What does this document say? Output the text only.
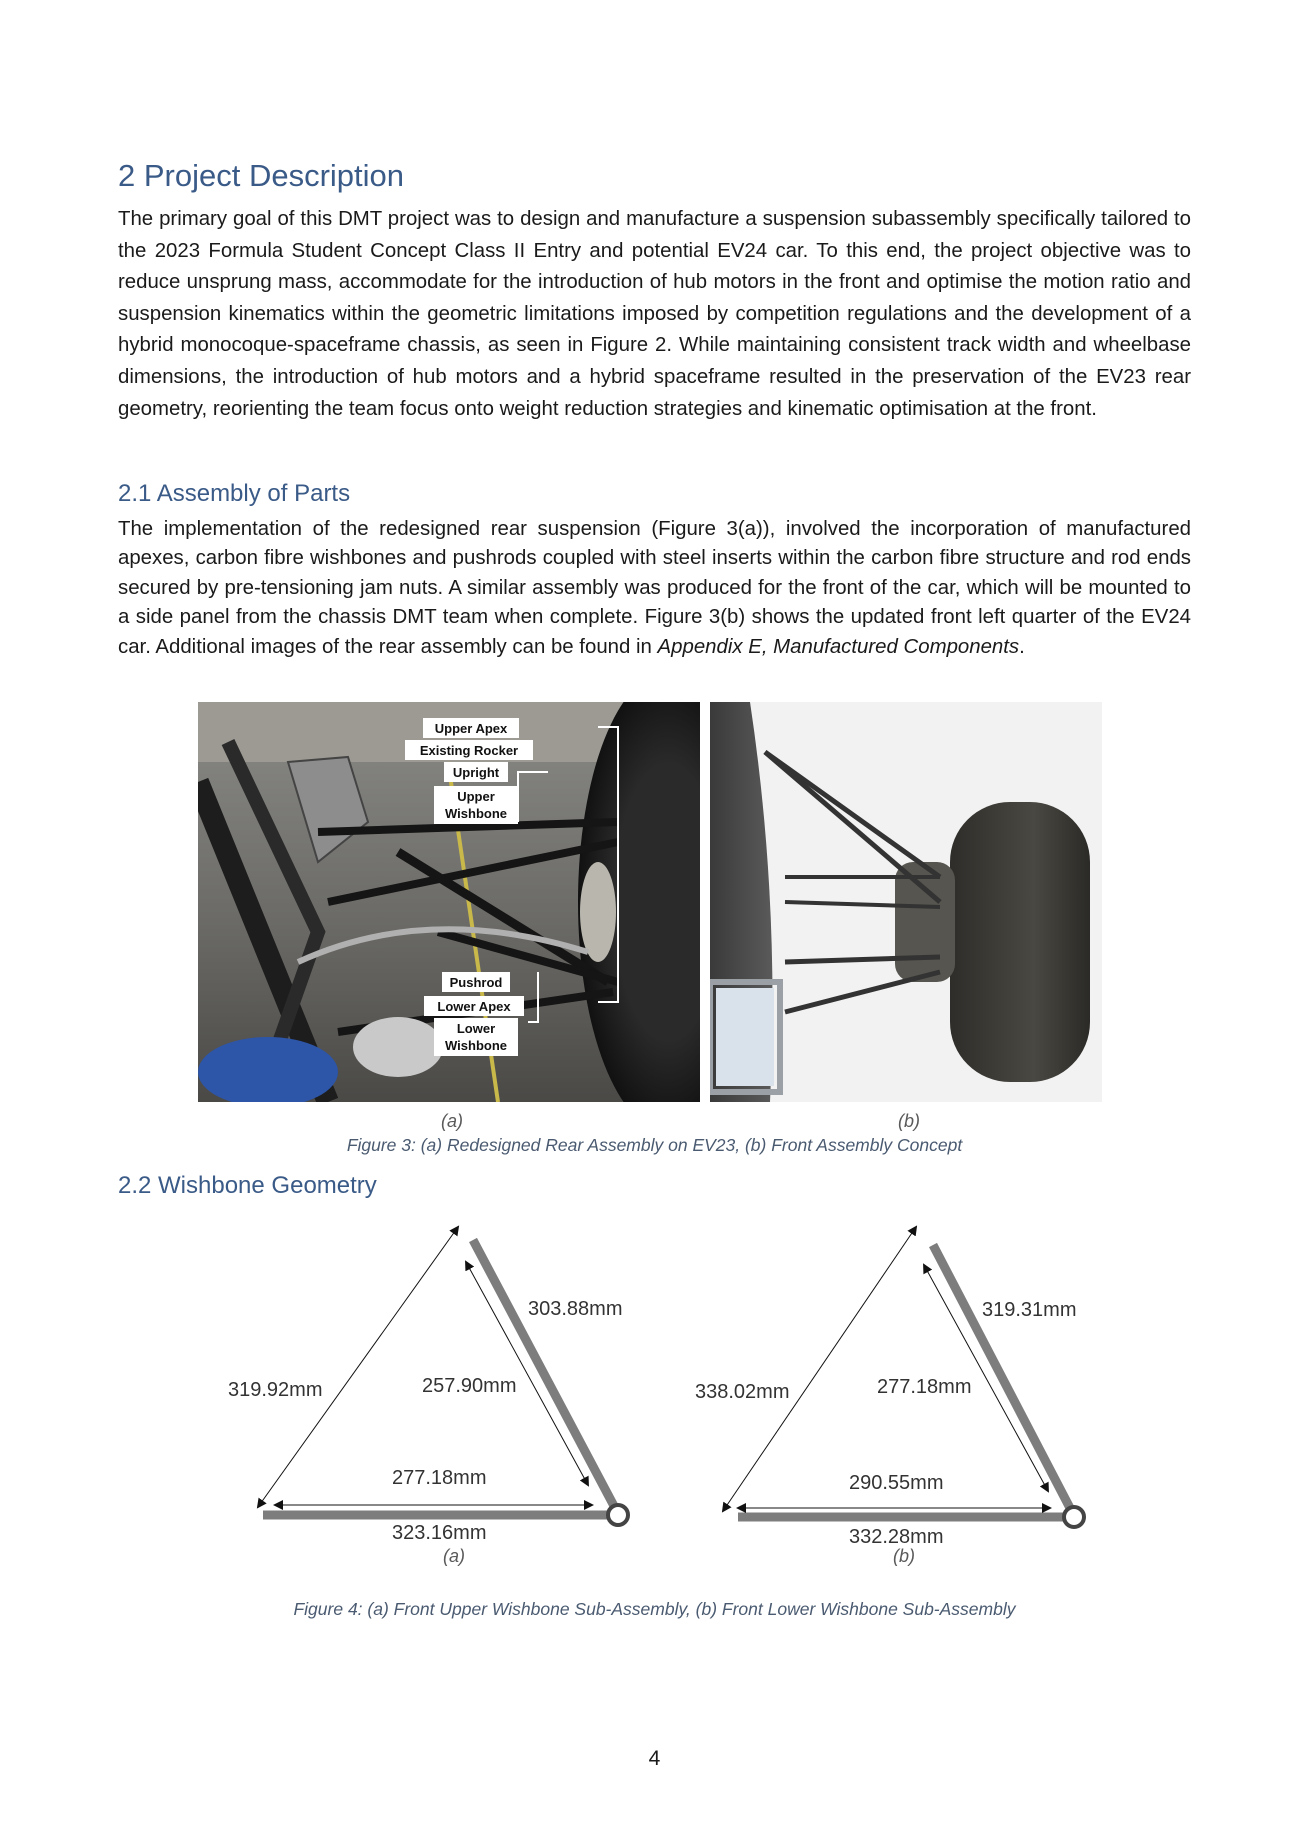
2 Project Description

The primary goal of this DMT project was to design and manufacture a suspension subassembly specifically tailored to the 2023 Formula Student Concept Class II Entry and potential EV24 car. To this end, the project objective was to reduce unsprung mass, accommodate for the introduction of hub motors in the front and optimise the motion ratio and suspension kinematics within the geometric limitations imposed by competition regulations and the development of a hybrid monocoque-spaceframe chassis, as seen in Figure 2. While maintaining consistent track width and wheelbase dimensions, the introduction of hub motors and a hybrid spaceframe resulted in the preservation of the EV23 rear geometry, reorienting the team focus onto weight reduction strategies and kinematic optimisation at the front.

2.1 Assembly of Parts

The implementation of the redesigned rear suspension (Figure 3(a)), involved the incorporation of manufactured apexes, carbon fibre wishbones and pushrods coupled with steel inserts within the carbon fibre structure and rod ends secured by pre-tensioning jam nuts. A similar assembly was produced for the front of the car, which will be mounted to a side panel from the chassis DMT team when complete. Figure 3(b) shows the updated front left quarter of the EV24 car. Additional images of the rear assembly can be found in Appendix E, Manufactured Components.

Upper Apex
Existing Rocker
Upright
Upper
Wishbone
Pushrod
Lower Apex
Lower
Wishbone
(a)	(b)
Figure 3: (a) Redesigned Rear Assembly on EV23, (b) Front Assembly Concept
2.2 Wishbone Geometry
303.88mm
319.92mm	257.90mm
277.18mm
323.16mm
(a)
319.31mm
338.02mm	277.18mm
290.55mm
332.28mm
(b)
Figure 4: (a) Front Upper Wishbone Sub-Assembly, (b) Front Lower Wishbone Sub-Assembly
4
